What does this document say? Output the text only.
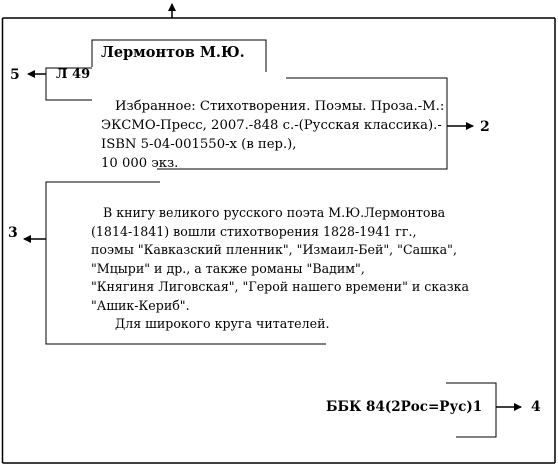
Лермонтов М.Ю.
Л 49
Избранное: Стихотворения. Поэмы. Проза.-М.:
ЭКСМО-Пресс, 2007.-848 с.-(Русская классика).-
ISBN 5-04-001550-х (в пер.),
10 000 экз.
В книгу великого русского поэта М.Ю.Лермонтова
(1814-1841) вошли стихотворения 1828-1941 гг.,
поэмы "Кавказский пленник", "Измаил-Бей", "Сашка",
"Мцыри" и др., а также романы "Вадим",
"Княгиня Лиговская", "Герой нашего времени" и сказка
"Ашик-Кериб".
Для широкого круга читателей.
ББК 84(2Рос=Рус)1
5
2
3
4
